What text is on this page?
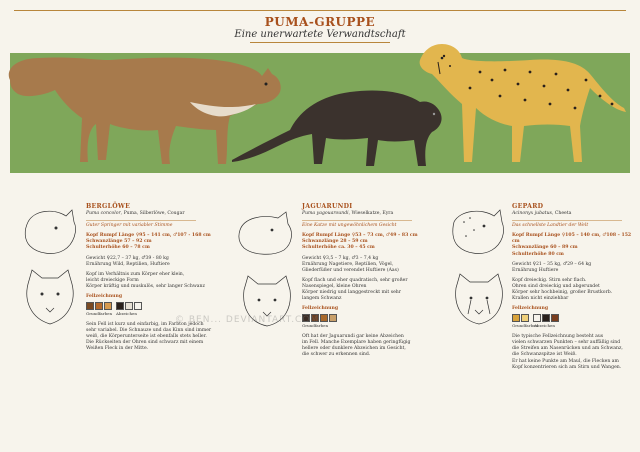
PUMA-GRUPPE
Eine unerwartete Verwandtschaft
BERGLÖWE
Puma concolor, Puma, Silberlöwe, Cougar

Guter Springer mit variabler Stimme

Kopf Rumpf Länge ♀95 – 141 cm, ♂107 - 168 cm
Schwanzlänge 57 – 92 cm
Schulterhöhe 60 – 78 cm

Gewicht ♀22,7 – 37 kg, ♂39 - 80 kg
Ernährung Wild, Reptilien, Huftiere

Kopf im Verhältnis zum Körper eher klein,
leicht dreieckige Form
Körper kräftig und muskulös, sehr langer Schwanz

Fellzeichnung
Grundfarben Abzeichen

Sein Fell ist kurz und einfarbig, im Farbton jedoch
sehr variabel. Die Schnauze und das Kinn sind immer
weiß, die Körperunterseite ist ebenfalls stets heller.
Die Rückseiten der Ohren sind schwarz mit einem
Weißen Fleck in der Mitte.

JAGUARUNDI
Puma yagouaroundi, Wieselkatze, Eyra

Eine Katze mit ungewöhnlichem Gesicht

Kopf Rumpf Länge ♀53 – 73 cm, ♂49 – 83 cm
Schwanzlänge 28 – 59 cm
Schulterhöhe ca. 30 – 45 cm

Gewicht ♀3,5 – 7 kg, ♂3 – 7,4 kg
Ernährung Nagetiere, Reptilien, Vögel,
Gliederfüßer und verendet Huftiere (Aas)

Kopf flach und eher quadratisch, sehr großer
Nasenspiegel, kleine Ohren
Körper niedrig und langgestreckt mit sehr
langem Schwanz

Fellzeichnung
Grundfarben

Oft hat der Jaguarundi gar keine Abzeichen
im Fell. Manche Exemplare haben geringfügig
hellere oder dunklere Abzeichen im Gesicht,
die schwer zu erkennen sind.

GEPARD
Acinonyx jubatus, Cheeta

Das schnellste Landtier der Welt

Kopf Rumpf Länge ♀105 – 140 cm, ♂108 – 152 cm
Schwanzlänge 60 – 89 cm
Schulterhöhe 80 cm

Gewicht ♀21 – 35 kg, ♂29 – 64 kg
Ernährung Huftiere

Kopf dreieckig. Stirn sehr flach.
Ohren sind dreieckig und abgerundet
Körper sehr hochbeinig, großer Brustkorb.
Krallen nicht einziehbar

Fellzeichnung
Grundfarben
Abzeichen

Die typische Fellzeichnung besteht aus
vielen schwarzen Punkten – sehr auffällig sind
die Streifen am Nasenrücken und am Schwanz,
die Schwanzspitze ist Weiß.
Er hat keine Punkte am Maul, die Flecken am
Kopf konzentrieren sich am Stirn und Wangen.

© BEN... DEVIANTART.COM
